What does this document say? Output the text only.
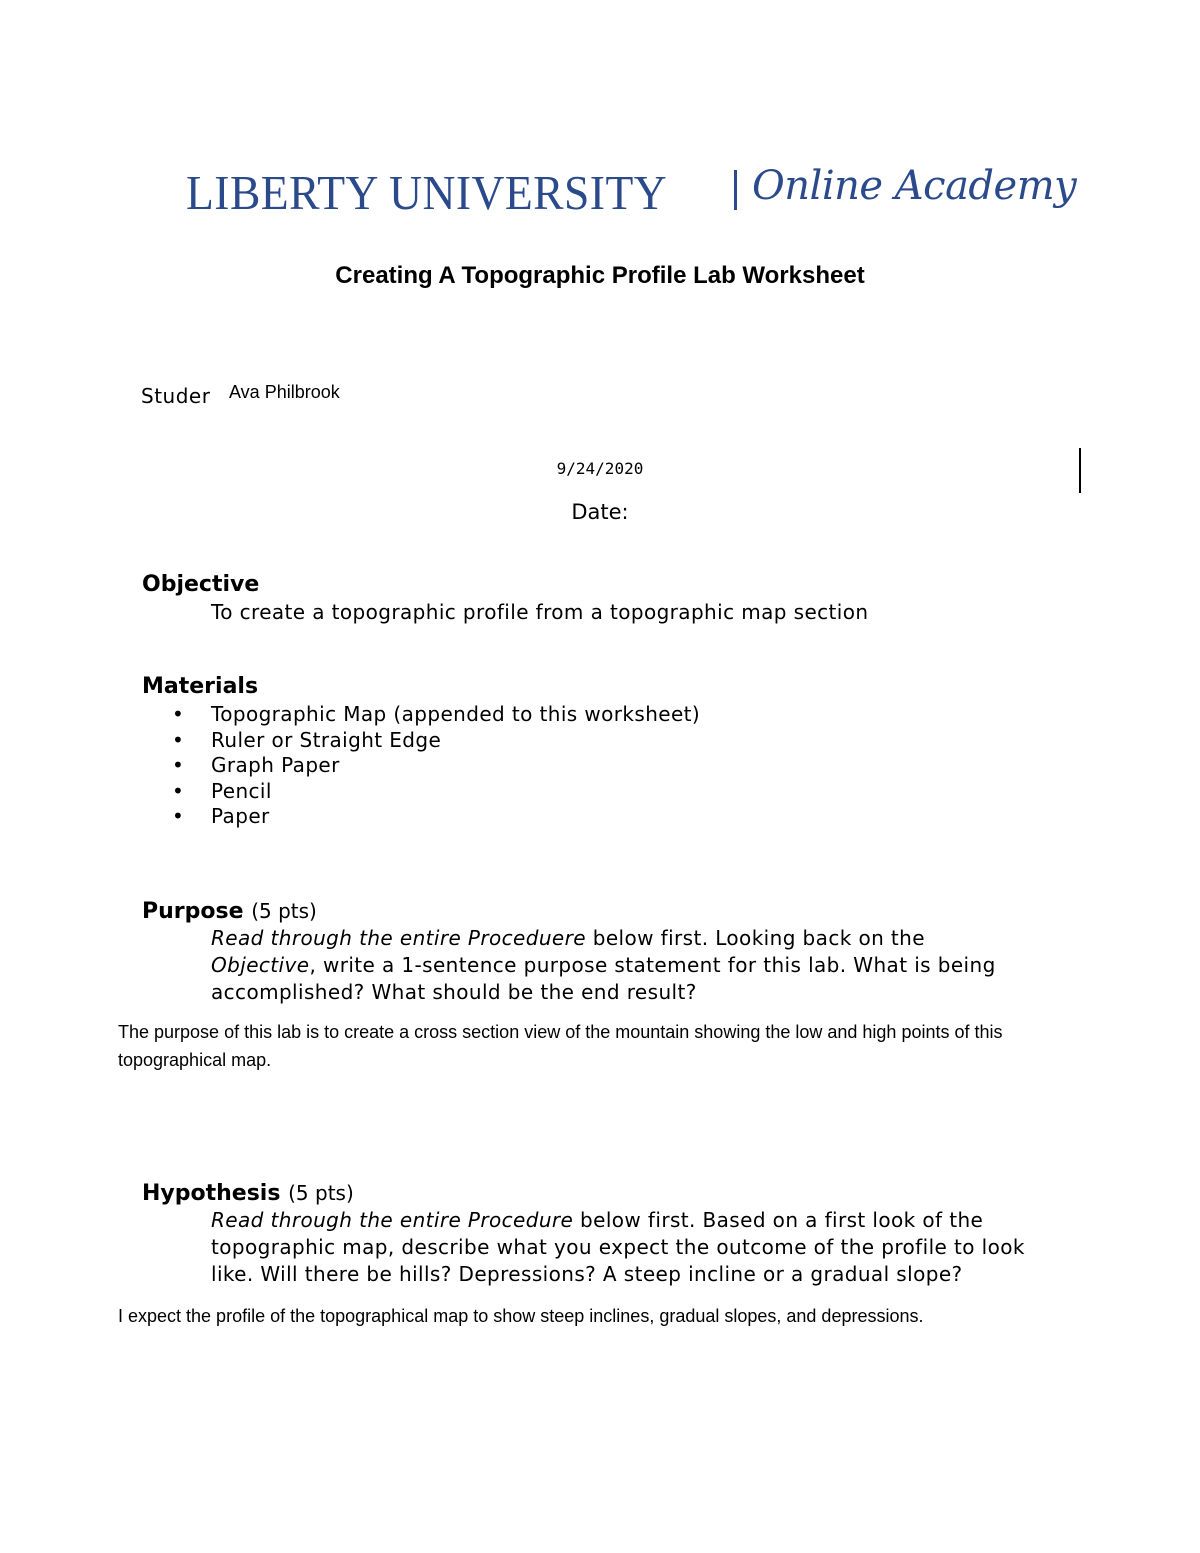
LIBERTY UNIVERSITY Online Academy
Creating A Topographic Profile Lab Worksheet
Studer Ava Philbrook
9/24/2020
Date:
Objective
To create a topographic profile from a topographic map section
Materials
• Topographic Map (appended to this worksheet)
• Ruler or Straight Edge
• Graph Paper
• Pencil
• Paper
Purpose (5 pts)
Read through the entire Proceduere below first. Looking back on the
Objective, write a 1-sentence purpose statement for this lab. What is being
accomplished? What should be the end result?
The purpose of this lab is to create a cross section view of the mountain showing the low and high points of this topographical map.
Hypothesis (5 pts)
Read through the entire Procedure below first. Based on a first look of the
topographic map, describe what you expect the outcome of the profile to look
like. Will there be hills? Depressions? A steep incline or a gradual slope?
I expect the profile of the topographical map to show steep inclines, gradual slopes, and depressions.
